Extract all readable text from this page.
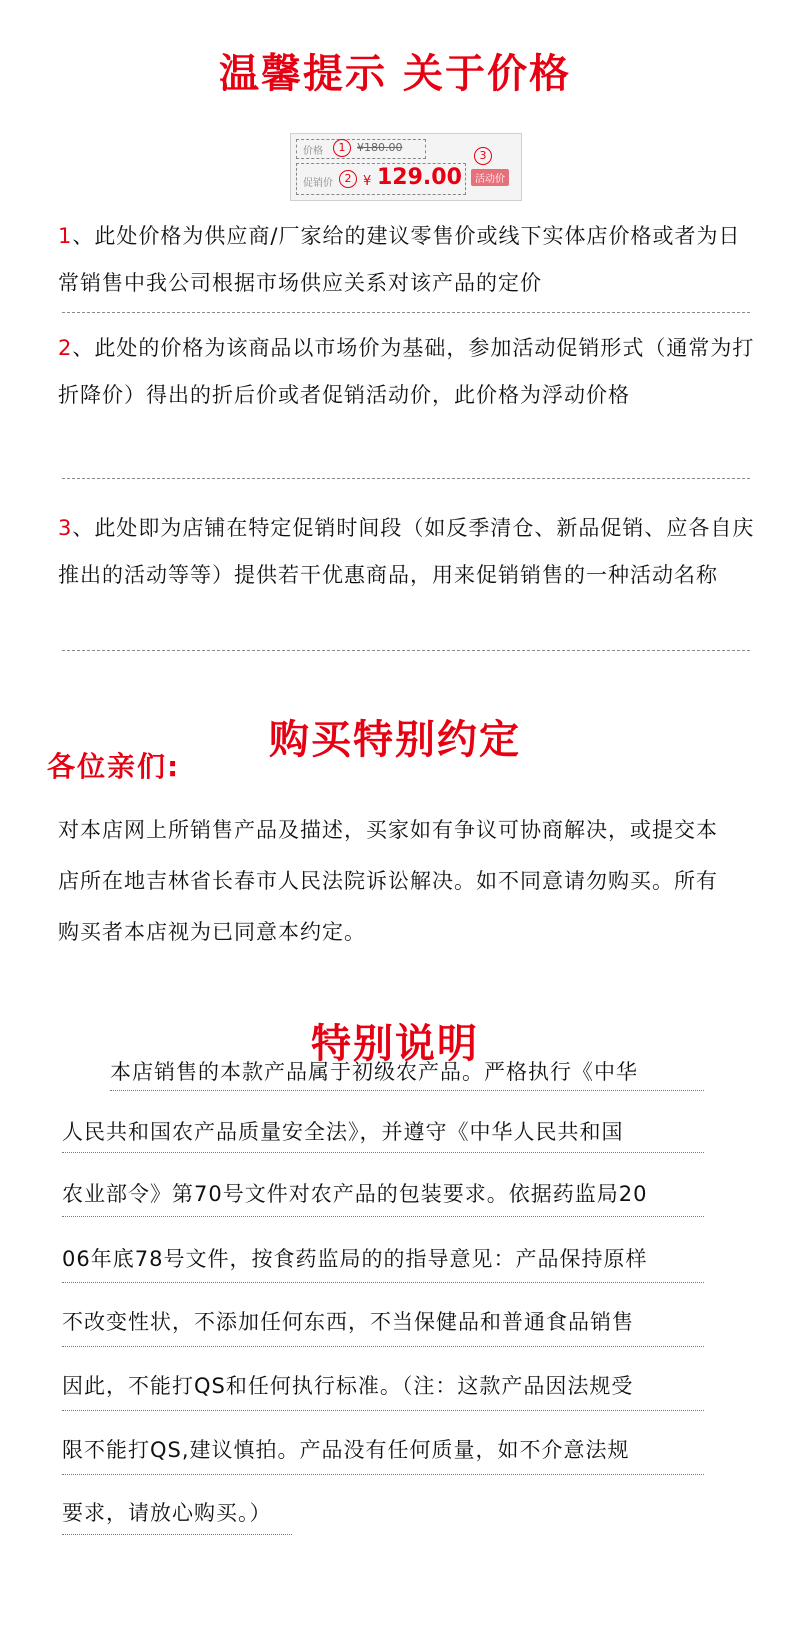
温馨提示 关于价格
价格	1	¥180.00
促销价	2 ¥ 129.00
3
活动价

1、此处价格为供应商/厂家给的建议零售价或线下实体店价格或者为日常销售中我公司根据市场供应关系对该产品的定价

2、此处的价格为该商品以市场价为基础，参加活动促销形式（通常为打折降价）得出的折后价或者促销活动价，此价格为浮动价格

3、此处即为店铺在特定促销时间段（如反季清仓、新品促销、应各自庆推出的活动等等）提供若干优惠商品，用来促销销售的一种活动名称

购买特别约定

各位亲们:

对本店网上所销售产品及描述，买家如有争议可协商解决，或提交本店所在地吉林省长春市人民法院诉讼解决。如不同意请勿购买。所有购买者本店视为已同意本约定。

特别说明

本店销售的本款产品属于初级农产品。严格执行《中华

人民共和国农产品质量安全法》，并遵守《中华人民共和国

农业部令》第70号文件对农产品的包装要求。依据药监局20

06年底78号文件，按食药监局的的指导意见：产品保持原样

不改变性状，不添加任何东西，不当保健品和普通食品销售

因此，不能打QS和任何执行标准。（注：这款产品因法规受

限不能打QS,建议慎拍。产品没有任何质量，如不介意法规

要求，请放心购买。）
